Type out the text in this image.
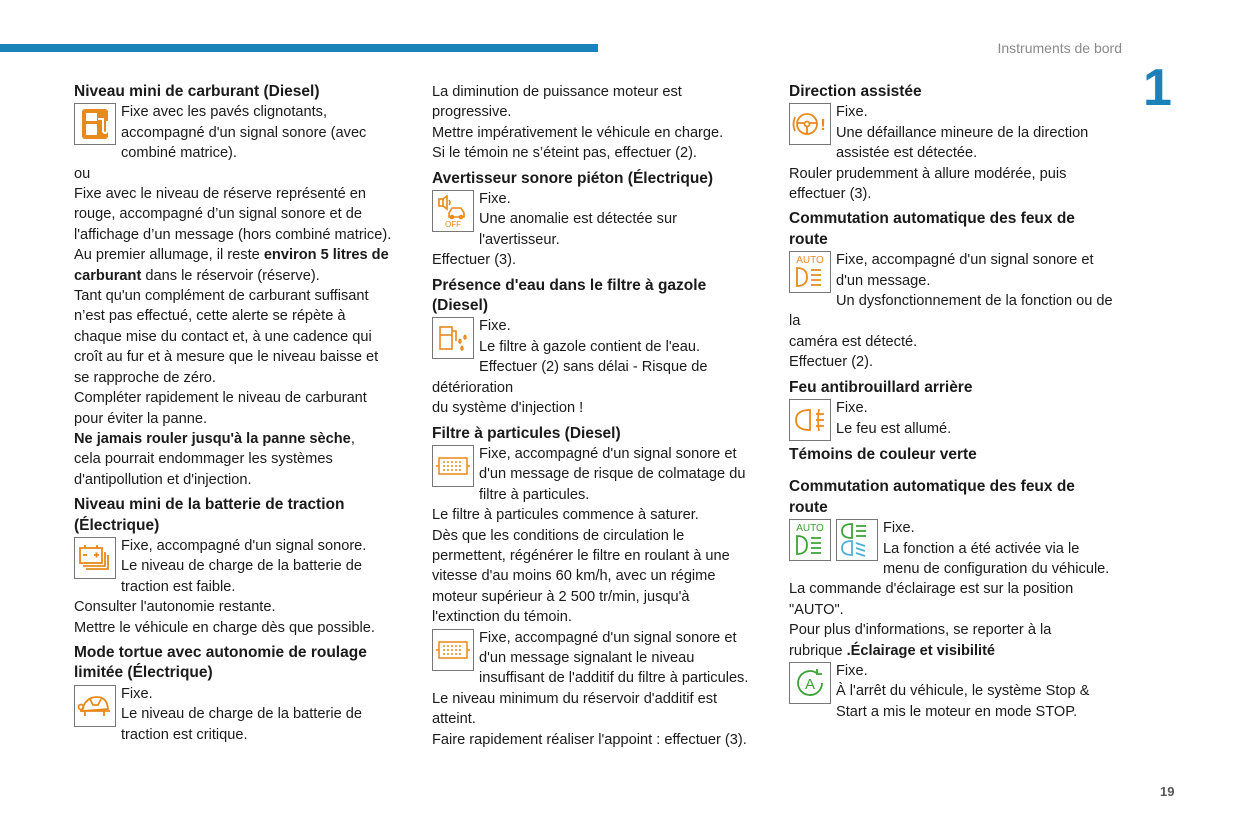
Instruments de bord
1
19
Niveau mini de carburant (Diesel)

Fixe avec les pavés clignotants,

accompagné d'un signal sonore (avec

combiné matrice).

ou

Fixe avec le niveau de réserve représenté en

rouge, accompagné d’un signal sonore et de

l'affichage d’un message (hors combiné matrice).

Au premier allumage, il reste environ 5 litres de

carburant dans le réservoir (réserve).

Tant qu'un complément de carburant suffisant

n’est pas effectué, cette alerte se répète à

chaque mise du contact et, à une cadence qui

croît au fur et à mesure que le niveau baisse et

se rapproche de zéro.

Compléter rapidement le niveau de carburant

pour éviter la panne.

Ne jamais rouler jusqu'à la panne sèche,

cela pourrait endommager les systèmes

d'antipollution et d'injection.

Niveau mini de la batterie de traction
(Électrique)

Fixe, accompagné d'un signal sonore.

Le niveau de charge de la batterie de

traction est faible.

Consulter l'autonomie restante.

Mettre le véhicule en charge dès que possible.

Mode tortue avec autonomie de roulage
limitée (Électrique)

Fixe.

Le niveau de charge de la batterie de

traction est critique.

La diminution de puissance moteur est

progressive.

Mettre impérativement le véhicule en charge.

Si le témoin ne s’éteint pas, effectuer (2).

Avertisseur sonore piéton (Électrique)
OFF

Fixe.

Une anomalie est détectée sur

l'avertisseur.

Effectuer (3).

Présence d'eau dans le filtre à gazole
(Diesel)

Fixe.

Le filtre à gazole contient de l'eau.

Effectuer (2) sans délai - Risque de détérioration

du système d'injection !

Filtre à particules (Diesel)

Fixe, accompagné d'un signal sonore et

d'un message de risque de colmatage du

filtre à particules.

Le filtre à particules commence à saturer.

Dès que les conditions de circulation le

permettent, régénérer le filtre en roulant à une

vitesse d'au moins 60 km/h, avec un régime

moteur supérieur à 2 500 tr/min, jusqu'à

l'extinction du témoin.

Fixe, accompagné d'un signal sonore et

d'un message signalant le niveau

insuffisant de l'additif du filtre à particules.

Le niveau minimum du réservoir d'additif est

atteint.

Faire rapidement réaliser l'appoint : effectuer (3).

Direction assistée
!

Fixe.

Une défaillance mineure de la direction

assistée est détectée.

Rouler prudemment à allure modérée, puis

effectuer (3).

Commutation automatique des feux de
route
AUTO Fixe, accompagné d'un signal sonore et

d'un message.

Un dysfonctionnement de la fonction ou de la

caméra est détecté.

Effectuer (2).

Feu antibrouillard arrière

Fixe.

Le feu est allumé.

Témoins de couleur verte
Commutation automatique des feux de
route
AUTO	Fixe.

La fonction a été activée via le

menu de configuration du véhicule.

La commande d'éclairage est sur la position

"AUTO".

Pour plus d'informations, se reporter à la

rubrique .Éclairage et visibilité

A

Fixe.

À l'arrêt du véhicule, le système Stop &

Start a mis le moteur en mode STOP.
